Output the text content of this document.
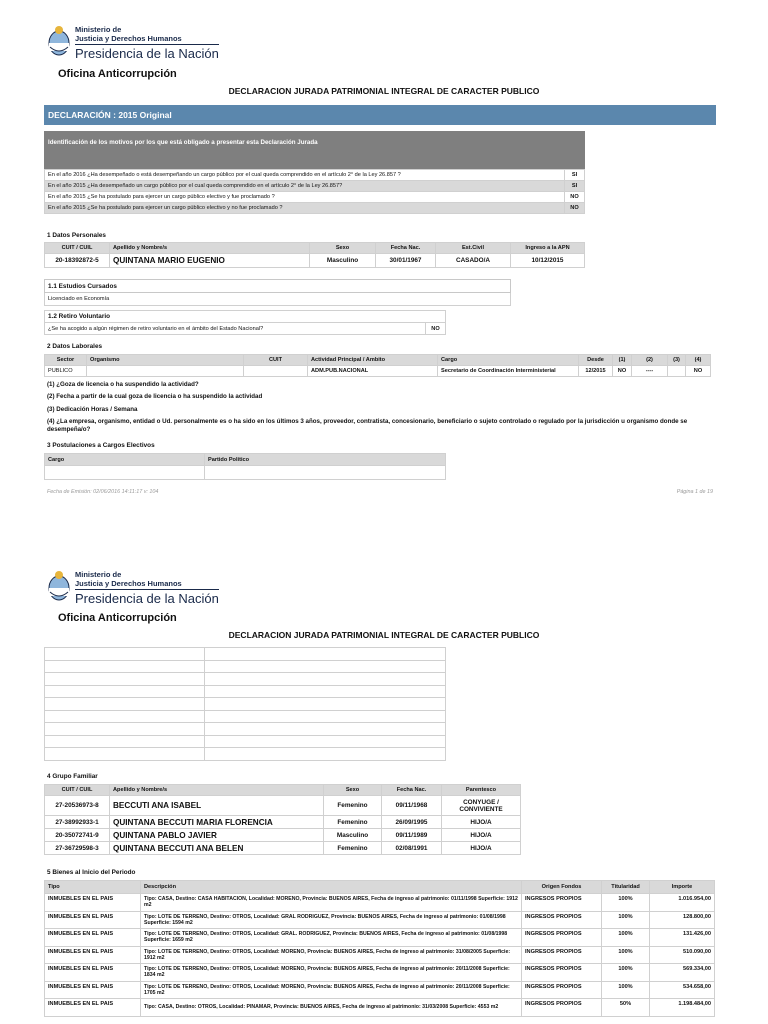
Ministerio de
Justicia y Derechos Humanos
Presidencia de la Nación
Oficina Anticorrupción
DECLARACION JURADA PATRIMONIAL INTEGRAL DE CARACTER PUBLICO
DECLARACIÓN : 2015 Original
Identificación de los motivos por los que está obligado a presentar esta Declaración Jurada
En el año 2016 ¿Ha desempeñado o está desempeñando un cargo público por el cual queda comprendido en el artículo 2° de la Ley 26.857 ?	SI
En el año 2015 ¿Ha desempeñado un cargo público por el cual queda comprendido en el artículo 2° de la Ley 26.857?	SI
En el año 2015 ¿Se ha postulado para ejercer un cargo público electivo y fue proclamado ?	NO
En el año 2015 ¿Se ha postulado para ejercer un cargo público electivo y no fue proclamado ?	NO
1 Datos Personales
CUIT / CUIL	Apellido y Nombre/s	Sexo	Fecha Nac.	Est.Civil	Ingreso a la APN
20-18392872-5	QUINTANA MARIO EUGENIO	Masculino	30/01/1967	CASADO/A	10/12/2015
1.1 Estudios Cursados
Licenciado en Economía
1.2 Retiro Voluntario
¿Se ha acogido a algún régimen de retiro voluntario en el ámbito del Estado Nacional?	NO
2 Datos Laborales
Sector	Organismo	CUIT	Actividad Principal / Ambito	Cargo	Desde	(1)	(2)	(3)	(4)
PUBLICO			ADM.PUB.NACIONAL	Secretario de Coordinación Interministerial	12/2015	NO	----		NO
(1) ¿Goza de licencia o ha suspendido la actividad?
(2) Fecha a partir de la cual goza de licencia o ha suspendido la actividad
(3) Dedicación Horas / Semana
(4) ¿La empresa, organismo, entidad o Ud. personalmente es o ha sido en los últimos 3 años, proveedor, contratista, concesionario, beneficiario o sujeto controlado o regulado por la jurisdicción u organismo donde se desempeña/o?
3 Postulaciones a Cargos Electivos
Cargo	Partido Político

Fecha de Emisión: 02/06/2016 14:11:17 v: 104	Página 1 de 19
Ministerio de
Justicia y Derechos Humanos
Presidencia de la Nación
Oficina Anticorrupción
DECLARACION JURADA PATRIMONIAL INTEGRAL DE CARACTER PUBLICO

4 Grupo Familiar
CUIT / CUIL	Apellido y Nombre/s	Sexo	Fecha Nac.	Parentesco
27-20536973-8	BECCUTI ANA ISABEL	Femenino	09/11/1968	CONYUGE / CONVIVIENTE
27-38992933-1	QUINTANA BECCUTI MARIA FLORENCIA	Femenino	26/09/1995	HIJO/A
20-35072741-9	QUINTANA PABLO JAVIER	Masculino	09/11/1989	HIJO/A
27-36729598-3	QUINTANA BECCUTI ANA BELEN	Femenino	02/08/1991	HIJO/A
5 Bienes al Inicio del Periodo
Tipo	Descripción	Origen Fondos	Titularidad	Importe
INMUEBLES EN EL PAIS	Tipo: CASA, Destino: CASA HABITACION, Localidad: MORENO, Provincia: BUENOS AIRES, Fecha de ingreso al patrimonio: 01/11/1998 Superficie: 1912 m2	INGRESOS PROPIOS	100%	1.016.954,00
INMUEBLES EN EL PAIS	Tipo: LOTE DE TERRENO, Destino: OTROS, Localidad: GRAL RODRIGUEZ, Provincia: BUENOS AIRES, Fecha de ingreso al patrimonio: 01/08/1998 Superficie: 1594 m2	INGRESOS PROPIOS	100%	128.800,00
INMUEBLES EN EL PAIS	Tipo: LOTE DE TERRENO, Destino: OTROS, Localidad: GRAL. RODRIGUEZ, Provincia: BUENOS AIRES, Fecha de ingreso al patrimonio: 01/08/1998 Superficie: 1659 m2	INGRESOS PROPIOS	100%	131.426,00
INMUEBLES EN EL PAIS	Tipo: LOTE DE TERRENO, Destino: OTROS, Localidad: MORENO, Provincia: BUENOS AIRES, Fecha de ingreso al patrimonio: 31/08/2005 Superficie: 1912 m2	INGRESOS PROPIOS	100%	510.090,00
INMUEBLES EN EL PAIS	Tipo: LOTE DE TERRENO, Destino: OTROS, Localidad: MORENO, Provincia: BUENOS AIRES, Fecha de ingreso al patrimonio: 20/11/2008 Superficie: 1834 m2	INGRESOS PROPIOS	100%	569.334,00
INMUEBLES EN EL PAIS	Tipo: LOTE DE TERRENO, Destino: OTROS, Localidad: MORENO, Provincia: BUENOS AIRES, Fecha de ingreso al patrimonio: 20/11/2008 Superficie: 1705 m2	INGRESOS PROPIOS	100%	534.658,00
INMUEBLES EN EL PAIS	Tipo: CASA, Destino: OTROS, Localidad: PINAMAR, Provincia: BUENOS AIRES, Fecha de ingreso al patrimonio: 31/03/2008 Superficie: 4553 m2	INGRESOS PROPIOS	50%	1.198.484,00
